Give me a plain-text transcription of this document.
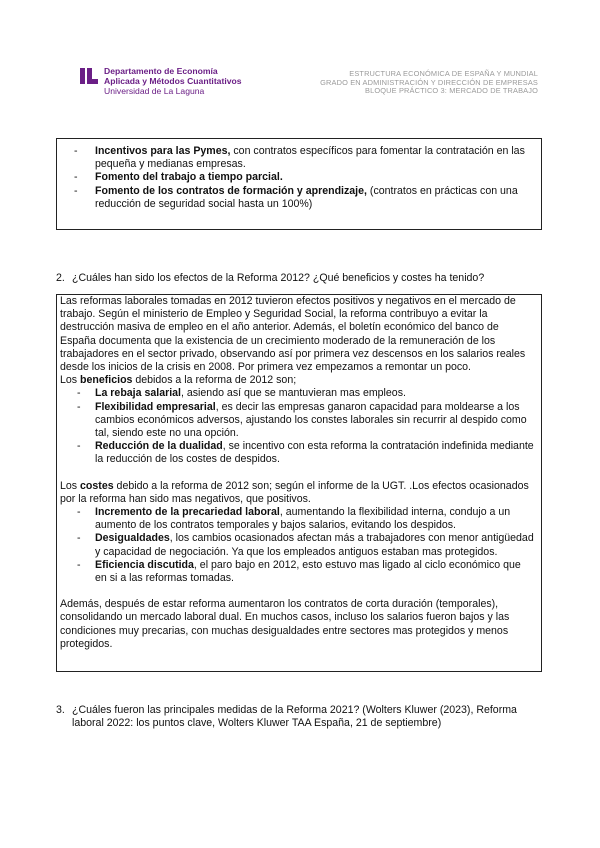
Departamento de Economía
Aplicada y Métodos Cuantitativos
Universidad de La Laguna
ESTRUCTURA ECONÓMICA DE ESPAÑA Y MUNDIAL
GRADO EN ADMINISTRACIÓN Y DIRECCIÓN DE EMPRESAS
BLOQUE PRÁCTICO 3: MERCADO DE TRABAJO
- Incentivos para las Pymes, con contratos específicos para fomentar la contratación en las pequeña y medianas empresas.
- Fomento del trabajo a tiempo parcial.
- Fomento de los contratos de formación y aprendizaje, (contratos en prácticas con una reducción de seguridad social hasta un 100%)
2. ¿Cuáles han sido los efectos de la Reforma 2012? ¿Qué beneficios y costes ha tenido?
Las reformas laborales tomadas en 2012 tuvieron efectos positivos y negativos en el mercado de trabajo. Según el ministerio de Empleo y Seguridad Social, la reforma contribuyo a evitar la destrucción masiva de empleo en el año anterior. Además, el boletín económico del banco de España documenta que la existencia de un crecimiento moderado de la remuneración de los trabajadores en el sector privado, observando así por primera vez descensos en los salarios reales desde los inicios de la crisis en 2008. Por primera vez empezamos a remontar un poco.
Los beneficios debidos a la reforma de 2012 son;
- La rebaja salarial, asiendo así que se mantuvieran mas empleos.
- Flexibilidad empresarial, es decir las empresas ganaron capacidad para moldearse a los cambios económicos adversos, ajustando los constes laborales sin recurrir al despido como tal, siendo este no una opción.
- Reducción de la dualidad, se incentivo con esta reforma la contratación indefinida mediante la reducción de los costes de despidos.
Los costes debido a la reforma de 2012 son; según el informe de la UGT. .Los efectos ocasionados por la reforma han sido mas negativos, que positivos.
- Incremento de la precariedad laboral, aumentando la flexibilidad interna, condujo a un aumento de los contratos temporales y bajos salarios, evitando los despidos.
- Desigualdades, los cambios ocasionados afectan más a trabajadores con menor antigüedad y capacidad de negociación. Ya que los empleados antiguos estaban mas protegidos.
- Eficiencia discutida, el paro bajo en 2012, esto estuvo mas ligado al ciclo económico que en si a las reformas tomadas.
Además, después de estar reforma aumentaron los contratos de corta duración (temporales), consolidando un mercado laboral dual. En muchos casos, incluso los salarios fueron bajos y las condiciones muy precarias, con muchas desigualdades entre sectores mas protegidos y menos protegidos.
3. ¿Cuáles fueron las principales medidas de la Reforma 2021? (Wolters Kluwer (2023), Reforma laboral 2022: los puntos clave, Wolters Kluwer TAA España, 21 de septiembre)
